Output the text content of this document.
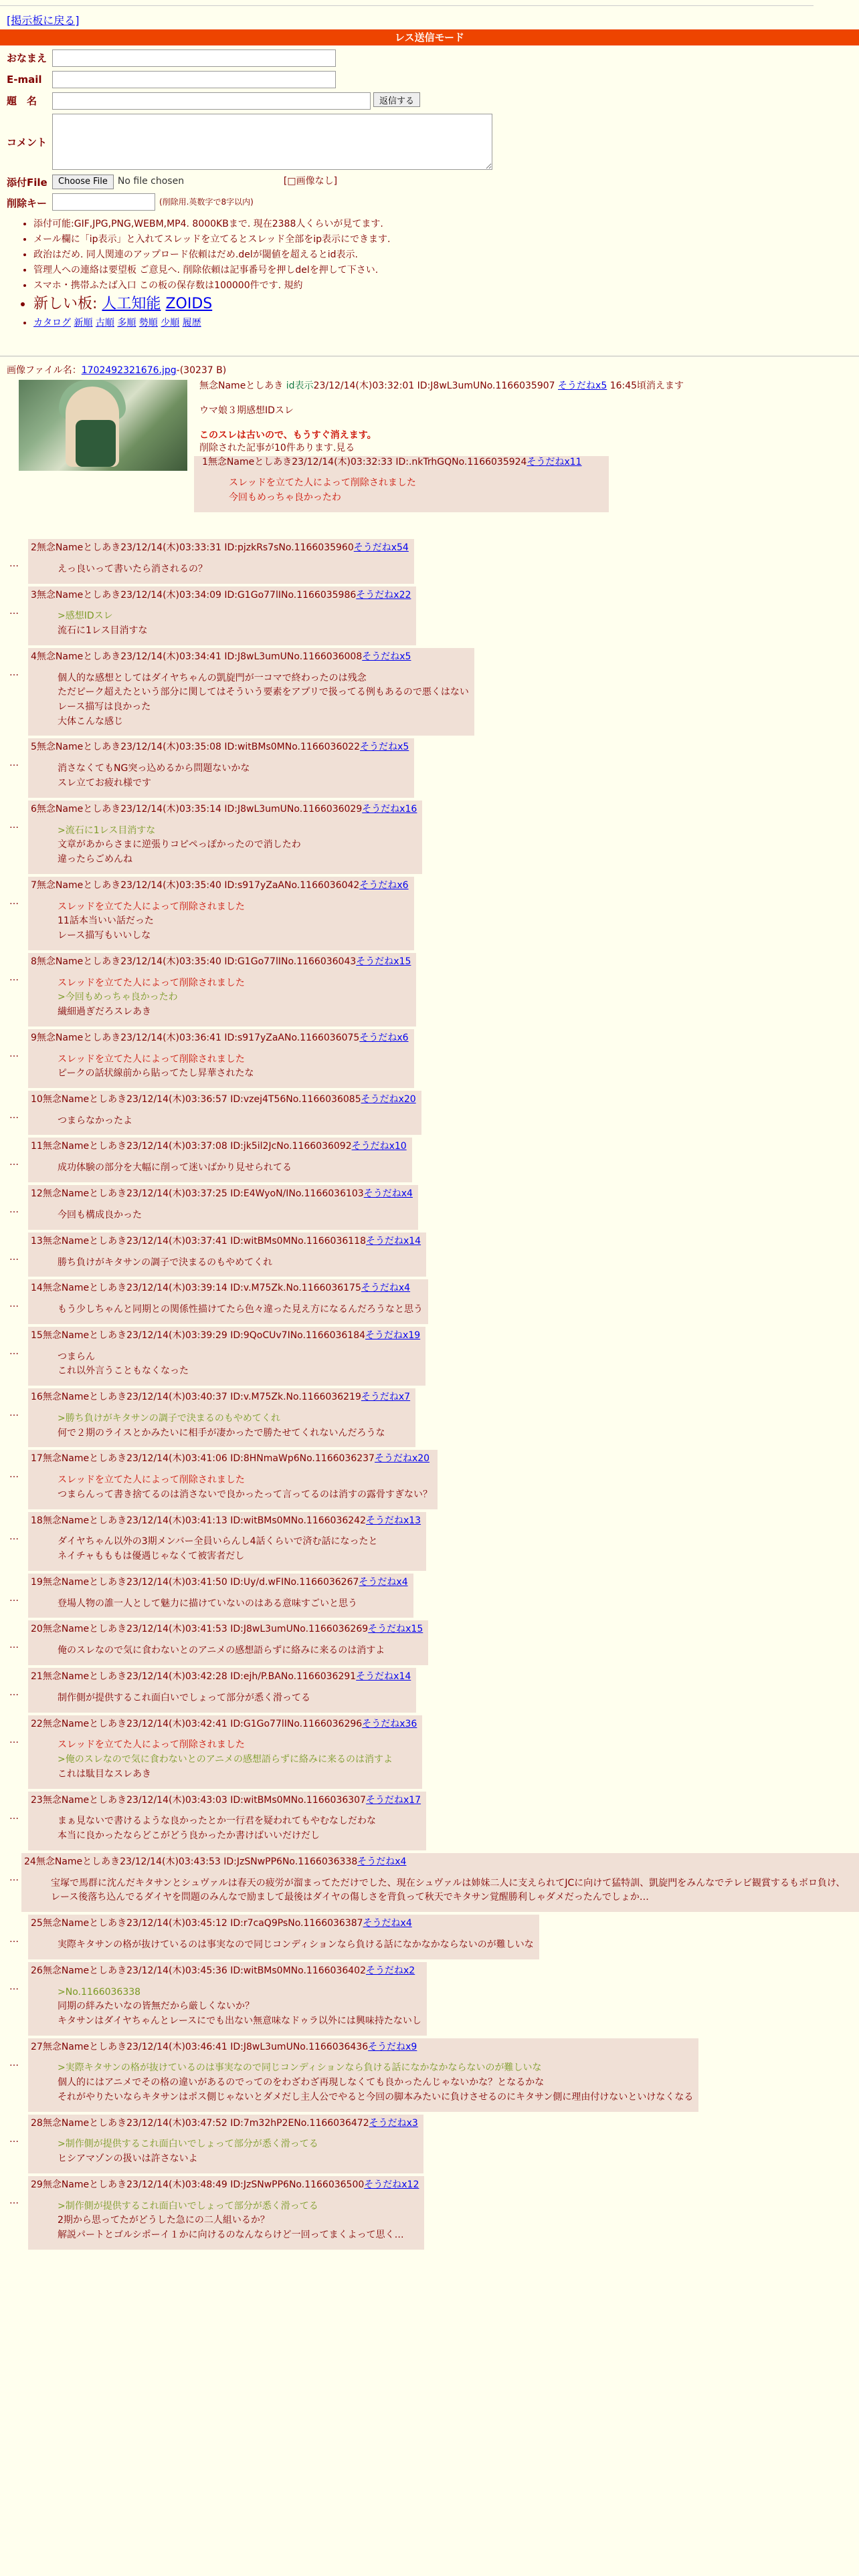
[掲示板に戻る]
レス送信モード
おなまえ
E-mail
題　名	返信する
コメント
添付File	Choose File	No file chosen	[□画像なし]
削除キー	(削除用.英数字で8字以内)
• 添付可能:GIF,JPG,PNG,WEBM,MP4. 8000KBまで. 現在2388人くらいが見てます.
• メール欄に「ip表示」と入れてスレッドを立てるとスレッド全部をip表示にできます.
• 政治はだめ. 同人関連のアップロード依頼はだめ.delが閾値を超えるとid表示.
• 管理人への連絡は要望板 ご意見へ. 削除依頼は記事番号を押しdelを押して下さい.
• スマホ・携帯ふたば入口 この板の保存数は100000件です. 規約
• 新しい板: 人工知能 ZOIDS
• カタログ 新順 古順 多順 勢順 少順 履歴
画像ファイル名：1702492321676.jpg-(30237 B)
無念Nameとしあき id表示23/12/14(木)03:32:01 ID:J8wL3umUNo.1166035907 そうだねx5 16:45頃消えます
ウマ娘３期感想IDスレ
このスレは古いので、もうすぐ消えます。
削除された記事が10件あります.見る
1無念Nameとしあき23/12/14(木)03:32:33 ID:.nkTrhGQNo.1166035924そうだねx11
スレッドを立てた人によって削除されました
今回もめっちゃ良かったわ
…
2無念Nameとしあき23/12/14(木)03:33:31 ID:pjzkRs7sNo.1166035960そうだねx54
えっ良いって書いたら消されるの？
…
3無念Nameとしあき23/12/14(木)03:34:09 ID:G1Go77lINo.1166035986そうだねx22
>感想IDスレ
流石に1レス目消すな
…
4無念Nameとしあき23/12/14(木)03:34:41 ID:J8wL3umUNo.1166036008そうだねx5
個人的な感想としてはダイヤちゃんの凱旋門が一コマで終わったのは残念
ただピーク超えたという部分に関してはそういう要素をアプリで扱ってる例もあるので悪くはない
レース描写は良かった
大体こんな感じ
…
5無念Nameとしあき23/12/14(木)03:35:08 ID:witBMs0MNo.1166036022そうだねx5
消さなくてもNG突っ込めるから問題ないかな
スレ立てお疲れ様です
…
6無念Nameとしあき23/12/14(木)03:35:14 ID:J8wL3umUNo.1166036029そうだねx16
>流石に1レス目消すな
文章があからさまに逆張りコピペっぽかったので消したわ
違ったらごめんね
…
7無念Nameとしあき23/12/14(木)03:35:40 ID:s917yZaANo.1166036042そうだねx6
スレッドを立てた人によって削除されました
11話本当いい話だった
レース描写もいいしな
…
8無念Nameとしあき23/12/14(木)03:35:40 ID:G1Go77lINo.1166036043そうだねx15
スレッドを立てた人によって削除されました
>今回もめっちゃ良かったわ
繊細過ぎだろスレあき
…
9無念Nameとしあき23/12/14(木)03:36:41 ID:s917yZaANo.1166036075そうだねx6
スレッドを立てた人によって削除されました
ピークの話状線前から貼ってたし昇華されたな
…
10無念Nameとしあき23/12/14(木)03:36:57 ID:vzej4T56No.1166036085そうだねx20
つまらなかったよ
…
11無念Nameとしあき23/12/14(木)03:37:08 ID:jk5il2JcNo.1166036092そうだねx10
成功体験の部分を大幅に削って迷いばかり見せられてる
…
12無念Nameとしあき23/12/14(木)03:37:25 ID:E4WyoN/INo.1166036103そうだねx4
今回も構成良かった
…
13無念Nameとしあき23/12/14(木)03:37:41 ID:witBMs0MNo.1166036118そうだねx14
勝ち負けがキタサンの調子で決まるのもやめてくれ
…
14無念Nameとしあき23/12/14(木)03:39:14 ID:v.M75Zk.No.1166036175そうだねx4
もう少しちゃんと同期との関係性描けてたら色々違った見え方になるんだろうなと思う
…
15無念Nameとしあき23/12/14(木)03:39:29 ID:9QoCUv7INo.1166036184そうだねx19
つまらん
これ以外言うこともなくなった
…
16無念Nameとしあき23/12/14(木)03:40:37 ID:v.M75Zk.No.1166036219そうだねx7
>勝ち負けがキタサンの調子で決まるのもやめてくれ
何で２期のライスとかみたいに相手が凄かったで勝たせてくれないんだろうな
…
17無念Nameとしあき23/12/14(木)03:41:06 ID:8HNmaWp6No.1166036237そうだねx20
スレッドを立てた人によって削除されました
つまらんって書き捨てるのは消さないで良かったって言ってるのは消すの露骨すぎない？
…
18無念Nameとしあき23/12/14(木)03:41:13 ID:witBMs0MNo.1166036242そうだねx13
ダイヤちゃん以外の3期メンバー全員いらんし4話くらいで済む話になったと
ネイチャもももは優遇じゃなくて被害者だし
…
19無念Nameとしあき23/12/14(木)03:41:50 ID:Uy/d.wFINo.1166036267そうだねx4
登場人物の誰一人として魅力に描けていないのはある意味すごいと思う
…
20無念Nameとしあき23/12/14(木)03:41:53 ID:J8wL3umUNo.1166036269そうだねx15
俺のスレなので気に食わないとのアニメの感想語らずに絡みに来るのは消すよ
…
21無念Nameとしあき23/12/14(木)03:42:28 ID:ejh/P.BANo.1166036291そうだねx14
制作側が提供するこれ面白いでしょって部分が悉く滑ってる
…
22無念Nameとしあき23/12/14(木)03:42:41 ID:G1Go77lINo.1166036296そうだねx36
スレッドを立てた人によって削除されました
>俺のスレなので気に食わないとのアニメの感想語らずに絡みに来るのは消すよ
これは駄目なスレあき
…
23無念Nameとしあき23/12/14(木)03:43:03 ID:witBMs0MNo.1166036307そうだねx17
まぁ見ないで書けるような良かったとか一行君を疑われてもやむなしだわな
本当に良かったならどこがどう良かったか書けばいいだけだし
…
24無念Nameとしあき23/12/14(木)03:43:53 ID:JzSNwPP6No.1166036338そうだねx4
宝塚で馬群に沈んだキタサンとシュヴァルは春天の疲労が溜まってただけでした、現在シュヴァルは姉妹二人に支えられてJCに向けて猛特訓、凱旋門をみんなでテレビ観賞するもボロ負け、レース後落ち込んでるダイヤを問題のみんなで励まして最後はダイヤの傷しさを背負って秋天でキタサン覚醒勝利しゃダメだったんでしょか…
…
25無念Nameとしあき23/12/14(木)03:45:12 ID:r7caQ9PsNo.1166036387そうだねx4
実際キタサンの格が抜けているのは事実なので同じコンディションなら負ける話になかなかならないのが難しいな
…
26無念Nameとしあき23/12/14(木)03:45:36 ID:witBMs0MNo.1166036402そうだねx2
>No.1166036338
同期の絆みたいなの皆無だから厳しくないか？
キタサンはダイヤちゃんとレースにでも出ない無意味なドゥラ以外には興味持たないし
…
27無念Nameとしあき23/12/14(木)03:46:41 ID:J8wL3umUNo.1166036436そうだねx9
>実際キタサンの格が抜けているのは事実なので同じコンディションなら負ける話になかなかならないのが難しいな
個人的にはアニメでその格の違いがあるのでってのをわざわざ再現しなくても良かったんじゃないかな？となるかな
それがやりたいならキタサンはポス側じゃないとダメだし主人公でやると今回の脚本みたいに負けさせるのにキタサン側に理由付けないといけなくなる
…
28無念Nameとしあき23/12/14(木)03:47:52 ID:7m32hP2ENo.1166036472そうだねx3
>制作側が提供するこれ面白いでしょって部分が悉く滑ってる
ヒシアマゾンの扱いは許さないよ
…
29無念Nameとしあき23/12/14(木)03:48:49 ID:JzSNwPP6No.1166036500そうだねx12
>制作側が提供するこれ面白いでしょって部分が悉く滑ってる
2期から思ってたがどうした急にの二人組いるか？
解説パートとゴルシポーイ１かに向けるのなんならけど一回ってまくよって思く…
